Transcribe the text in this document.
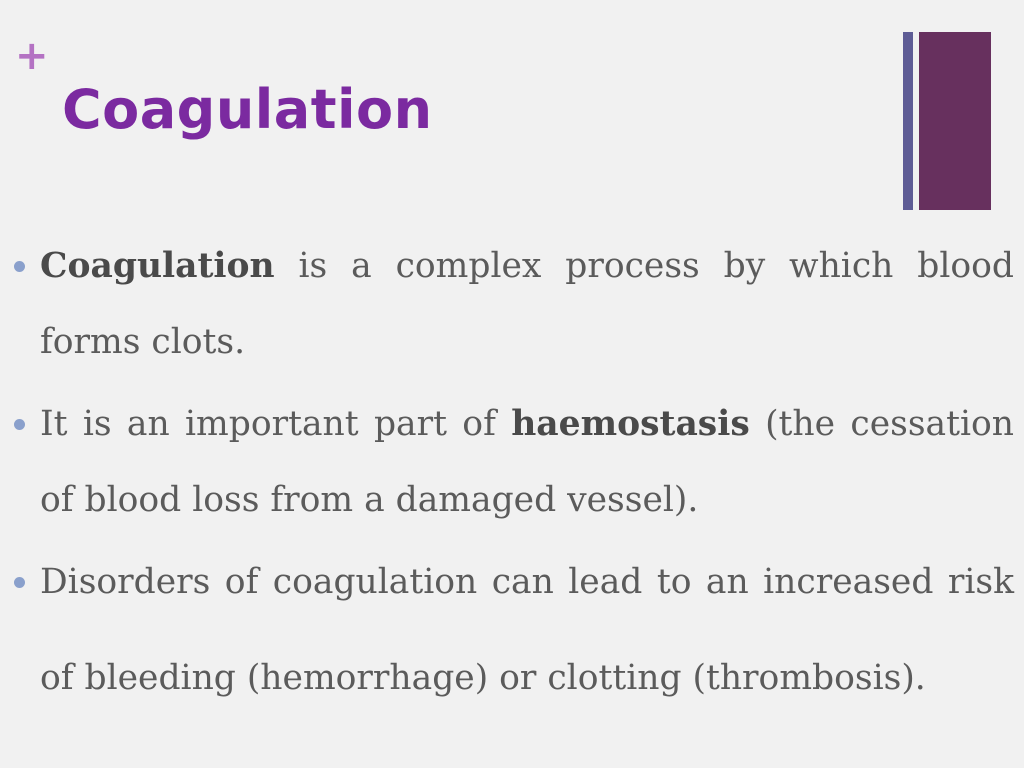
+
Coagulation
Coagulation is a complex process by which blood forms clots.
It is an important part of haemostasis (the cessation of blood loss from a damaged vessel).
Disorders of coagulation can lead to an increased risk of bleeding (hemorrhage) or clotting (thrombosis).
